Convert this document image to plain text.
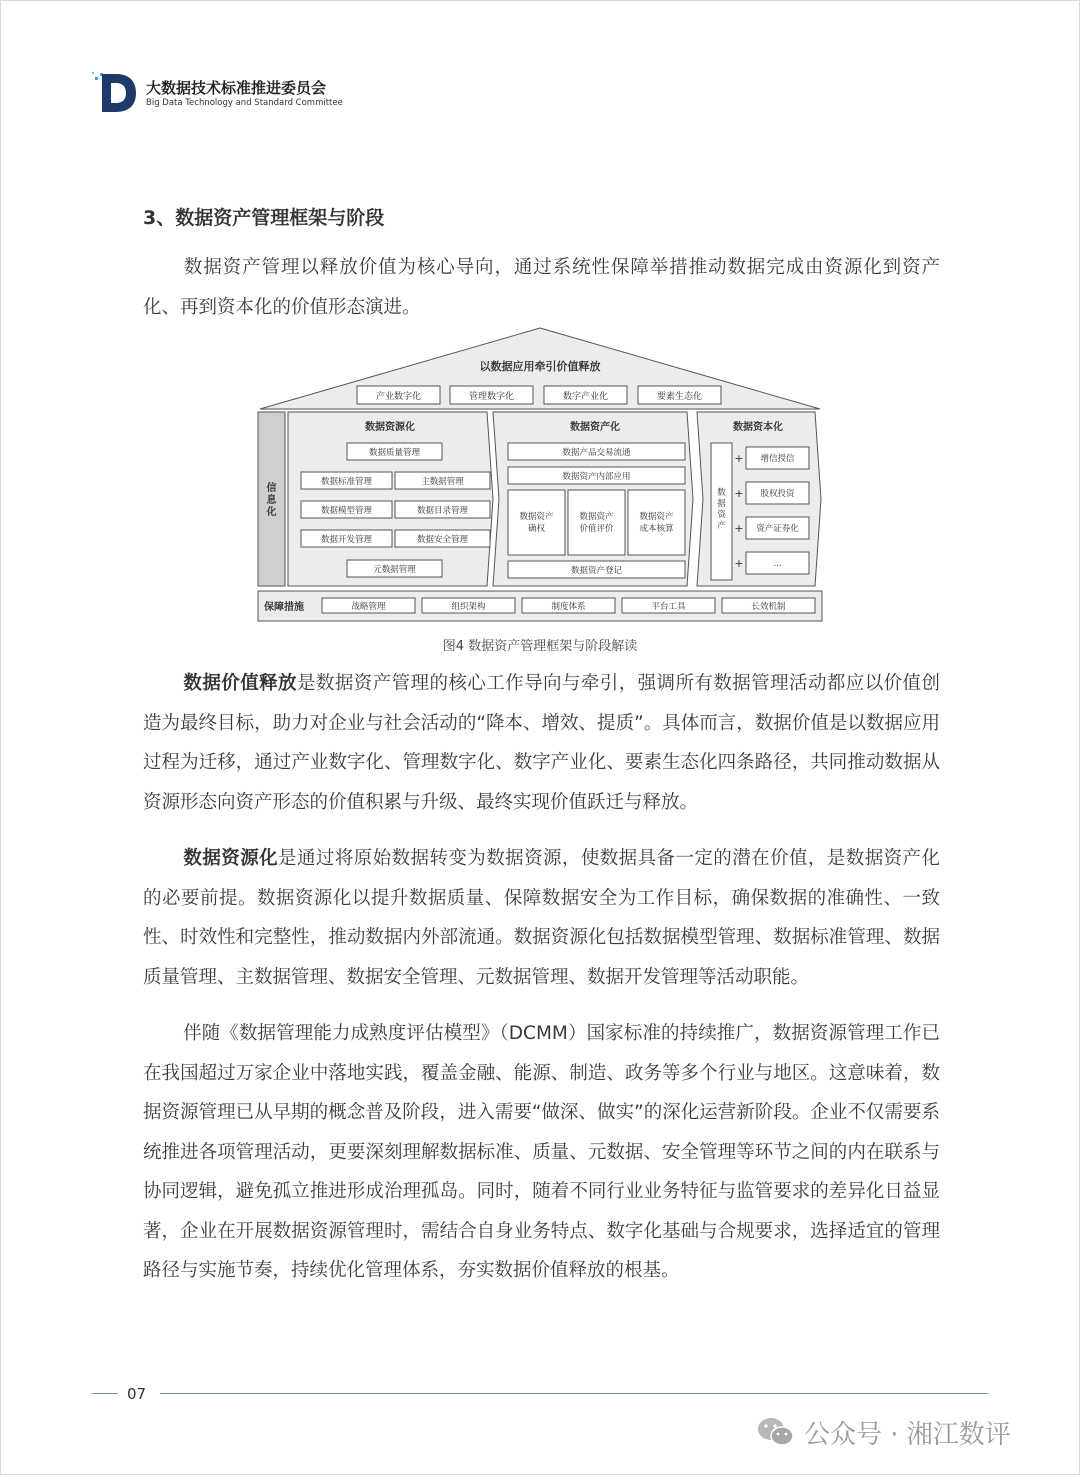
大数据技术标准推进委员会
Big Data Technology and Standard Committee
3、数据资产管理框架与阶段
数据资产管理以释放价值为核心导向，通过系统性保障举措推动数据完成由资源化到资产化、再到资本化的价值形态演进。
以数据应用牵引价值释放
产业数字化	管理数字化	数字产业化	要素生态化
信
息
化
数据资源化
数据质量管理
数据标准管理	主数据管理
数据模型管理	数据目录管理
数据开发管理	数据安全管理
元数据管理
数据资产化
数据产品交易流通
数据资产内部应用
数据资产
确权
数据资产
价值评价
数据资产
成本核算
数据资产登记
数据资本化
数
据
资
产
+
+
+
+
增信授信
股权投资
资产证券化
...
保障措施	战略管理	组织架构	制度体系	平台工具	长效机制
图4 数据资产管理框架与阶段解读
数据价值释放是数据资产管理的核心工作导向与牵引，强调所有数据管理活动都应以价值创造为最终目标，助力对企业与社会活动的“降本、增效、提质”。具体而言，数据价值是以数据应用过程为迁移，通过产业数字化、管理数字化、数字产业化、要素生态化四条路径，共同推动数据从资源形态向资产形态的价值积累与升级、最终实现价值跃迁与释放。
数据资源化是通过将原始数据转变为数据资源，使数据具备一定的潜在价值，是数据资产化的必要前提。数据资源化以提升数据质量、保障数据安全为工作目标，确保数据的准确性、一致性、时效性和完整性，推动数据内外部流通。数据资源化包括数据模型管理、数据标准管理、数据质量管理、主数据管理、数据安全管理、元数据管理、数据开发管理等活动职能。
伴随《数据管理能力成熟度评估模型》（DCMM）国家标准的持续推广，数据资源管理工作已在我国超过万家企业中落地实践，覆盖金融、能源、制造、政务等多个行业与地区。这意味着，数据资源管理已从早期的概念普及阶段，进入需要“做深、做实”的深化运营新阶段。企业不仅需要系统推进各项管理活动，更要深刻理解数据标准、质量、元数据、安全管理等环节之间的内在联系与协同逻辑，避免孤立推进形成治理孤岛。同时，随着不同行业业务特征与监管要求的差异化日益显著，企业在开展数据资源管理时，需结合自身业务特点、数字化基础与合规要求，选择适宜的管理路径与实施节奏，持续优化管理体系，夯实数据价值释放的根基。
07
公众号 · 湘江数评
